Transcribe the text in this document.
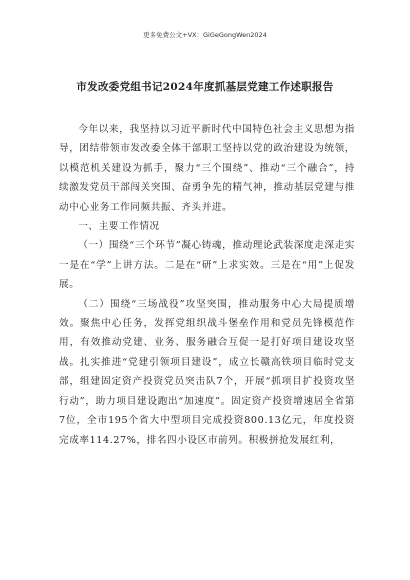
更多免费公文+VX：GiGeGongWen2024
市发改委党组书记2024年度抓基层党建工作述职报告

今年以来，我坚持以习近平新时代中国特色社会主义思想为指导，团结带领市发改委全体干部职工坚持以党的政治建设为统领，以模范机关建设为抓手，聚力“三个围绕”、推动“三个融合”，持续激发党员干部闯关突围、奋勇争先的精气神，推动基层党建与推动中心业务工作同频共振、齐头并进。

一、主要工作情况

（一）围绕“三个环节”凝心铸魂，推动理论武装深度走深走实一是在“学”上讲方法。二是在“研”上求实效。三是在“用”上促发展。

（二）围绕“三场战役”攻坚突围，推动服务中心大局提质增效。聚焦中心任务，发挥党组织战斗堡垒作用和党员先锋模范作用，有效推动党建、业务、服务融合互促一是打好项目建设攻坚战。扎实推进“党建引领项目建设”，成立长赣高铁项目临时党支部，组建固定资产投资党员突击队7个，开展“抓项目扩投资攻坚行动”，助力项目建设跑出“加速度”。固定资产投资增速居全省第7位，全市195个省大中型项目完成投资800.13亿元，年度投资完成率114.27%，排名四小设区市前列。积极拼抢发展红利，
